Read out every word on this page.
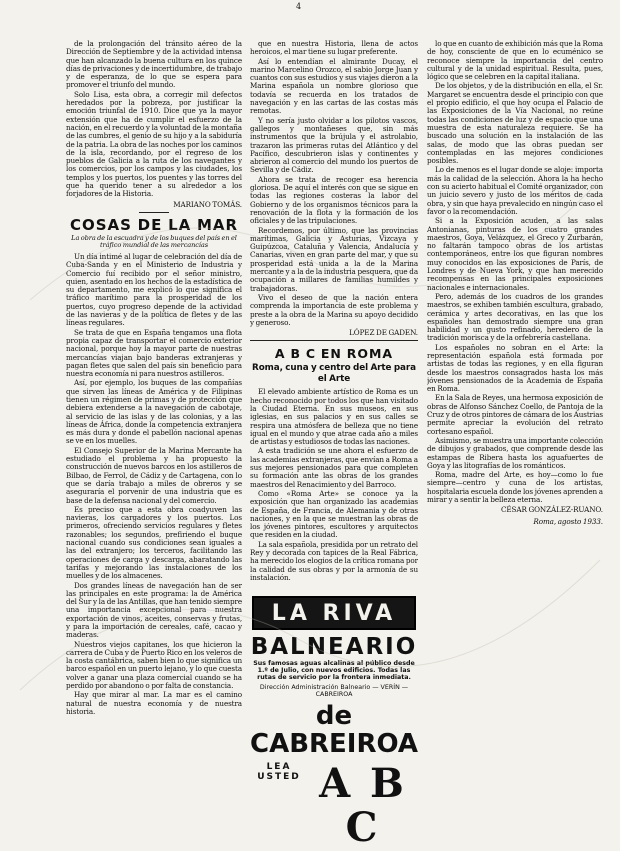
4

de la prolongación del tránsito aéreo de la Dirección de Septiembre y de la actividad intensa que han alcanzado la buena cultura en los quince días de privaciones y de incertidumbre, de trabajo y de esperanza, de lo que se espera para promover el triunfo del mundo.

Solo Lisa, esta obra, a corregir mil defectos heredados por la pobreza, por justificar la emoción triunfal de 1910. Dice que ya la mayor extensión que ha de cumplir el esfuerzo de la nación, en el recuerdo y la voluntad de la montaña de las cumbres, el genio de su hijo y a la sabiduría de la patria. La obra de las noches por los caminos de la isla, recordando, por el regreso de los pueblos de Galicia a la ruta de los navegantes y los comercios, por los campos y las ciudades, los templos y los puertos, los puentes y las torres del que ha querido tener a su alrededor a los forjadores de la Historia.

MARIANO TOMÁS.
COSAS DE LA MAR
La obra de la escuadra y de los buques del país en el tráfico mundial de las mercancías

Un día intimé al lugar de celebración del día de Cuba-Sanda y en el Ministerio de Industria y Comercio fuí recibido por el señor ministro, quien, asentado en los hechos de la estadística de su departamento, me explicó lo que significa el tráfico marítimo para la prosperidad de los puertos, cuyo progreso depende de la actividad de las navieras y de la política de fletes y de las líneas regulares.

Se trata de que en España tengamos una flota propia capaz de transportar el comercio exterior nacional, porque hoy la mayor parte de nuestras mercancías viajan bajo banderas extranjeras y pagan fletes que salen del país sin beneficio para nuestra economía ni para nuestros astilleros.

Así, por ejemplo, los buques de las compañías que sirven las líneas de América y de Filipinas tienen un régimen de primas y de protección que debiera extenderse a la navegación de cabotaje, al servicio de las islas y de las colonias, y a las líneas de África, donde la competencia extranjera es más dura y donde el pabellón nacional apenas se ve en los muelles.

El Consejo Superior de la Marina Mercante ha estudiado el problema y ha propuesto la construcción de nuevos barcos en los astilleros de Bilbao, de Ferrol, de Cádiz y de Cartagena, con lo que se daría trabajo a miles de obreros y se aseguraría el porvenir de una industria que es base de la defensa nacional y del comercio.

Es preciso que a esta obra coadyuven las navieras, los cargadores y los puertos. Los primeros, ofreciendo servicios regulares y fletes razonables; los segundos, prefiriendo el buque nacional cuando sus condiciones sean iguales a las del extranjero; los terceros, facilitando las operaciones de carga y descarga, abaratando las tarifas y mejorando las instalaciones de los muelles y de los almacenes.

Dos grandes líneas de navegación han de ser las principales en este programa: la de América del Sur y la de las Antillas, que han tenido siempre una importancia excepcional para nuestra exportación de vinos, aceites, conservas y frutas, y para la importación de cereales, café, cacao y maderas.

Nuestros viejos capitanes, los que hicieron la carrera de Cuba y de Puerto Rico en los veleros de la costa cantábrica, saben bien lo que significa un barco español en un puerto lejano, y lo que cuesta volver a ganar una plaza comercial cuando se ha perdido por abandono o por falta de constancia.

Hay que mirar al mar. La mar es el camino natural de nuestra economía y de nuestra historia.

que en nuestra Historia, llena de actos heroicos, el mar tiene su lugar preferente.

Así lo entendían el almirante Ducay, el marino Marcelino Orozco, el sabio Jorge Juan y cuantos con sus estudios y sus viajes dieron a la Marina española un nombre glorioso que todavía se recuerda en los tratados de navegación y en las cartas de las costas más remotas.

Y no sería justo olvidar a los pilotos vascos, gallegos y montañeses que, sin más instrumentos que la brújula y el astrolabio, trazaron las primeras rutas del Atlántico y del Pacífico, descubrieron islas y continentes y abrieron al comercio del mundo los puertos de Sevilla y de Cádiz.

Ahora se trata de recoger esa herencia gloriosa. De aquí el interés con que se sigue en todas las regiones costeras la labor del Gobierno y de los organismos técnicos para la renovación de la flota y la formación de los oficiales y de las tripulaciones.

Recordemos, por último, que las provincias marítimas, Galicia y Asturias, Vizcaya y Guipúzcoa, Cataluña y Valencia, Andalucía y Canarias, viven en gran parte del mar, y que su prosperidad está unida a la de la Marina mercante y a la de la industria pesquera, que da ocupación a millares de familias humildes y trabajadoras.

Vivo el deseo de que la nación entera comprenda la importancia de este problema y preste a la obra de la Marina su apoyo decidido y generoso.

LÓPEZ DE GADEN.
A B C EN ROMA
Roma, cuna y centro del Arte para el Arte

El elevado ambiente artístico de Roma es un hecho reconocido por todos los que han visitado la Ciudad Eterna. En sus museos, en sus iglesias, en sus palacios y en sus calles se respira una atmósfera de belleza que no tiene igual en el mundo y que atrae cada año a miles de artistas y estudiosos de todas las naciones.

A esta tradición se une ahora el esfuerzo de las academias extranjeras, que envían a Roma a sus mejores pensionados para que completen su formación ante las obras de los grandes maestros del Renacimiento y del Barroco.

Como «Roma Arte» se conoce ya la exposición que han organizado las academias de España, de Francia, de Alemania y de otras naciones, y en la que se muestran las obras de los jóvenes pintores, escultores y arquitectos que residen en la ciudad.

La sala española, presidida por un retrato del Rey y decorada con tapices de la Real Fábrica, ha merecido los elogios de la crítica romana por la calidad de sus obras y por la armonía de su instalación.

LA RIVA
BALNEARIO
Sus famosas aguas alcalinas al público desde 1.º de Julio, con nuevos edificios. Todas las rutas de servicio por la frontera inmediata.
Dirección Administración Balneario — VERÍN — CABREIROA
de CABREIROA
LEA USTED A B C

lo que en cuanto de exhibición más que la Roma de hoy, consciente de que en lo ecuménico se reconoce siempre la importancia del centro cultural y de la unidad espiritual. Resulta, pues, lógico que se celebren en la capital italiana.

De los objetos, y de la distribución en ella, el Sr. Margaret se encuentra desde el principio con que el propio edificio, el que hoy ocupa el Palacio de las Exposiciones de la Vía Nacional, no reúne todas las condiciones de luz y de espacio que una muestra de esta naturaleza requiere. Se ha buscado una solución en la instalación de las salas, de modo que las obras puedan ser contempladas en las mejores condiciones posibles.

Lo de menos es el lugar donde se aloje: importa más la calidad de la selección. Ahora la ha hecho con su acierto habitual el Comité organizador, con un juicio severo y justo de los méritos de cada obra, y sin que haya prevalecido en ningún caso el favor o la recomendación.

Si a la Exposición acuden, a las salas Antonianas, pinturas de los cuatro grandes maestros, Goya, Velázquez, el Greco y Zurbarán, no faltarán tampoco obras de los artistas contemporáneos, entre los que figuran nombres muy conocidos en las exposiciones de París, de Londres y de Nueva York, y que han merecido recompensas en las principales exposiciones nacionales e internacionales.

Pero, además de los cuadros de los grandes maestros, se exhiben también escultura, grabado, cerámica y artes decorativas, en las que los españoles han demostrado siempre una gran habilidad y un gusto refinado, heredero de la tradición morisca y de la orfebrería castellana.

Los españoles no sobran en el Arte: la representación española está formada por artistas de todas las regiones, y en ella figuran desde los maestros consagrados hasta los más jóvenes pensionados de la Academia de España en Roma.

En la Sala de Reyes, una hermosa exposición de obras de Alfonso Sánchez Coello, de Pantoja de la Cruz y de otros pintores de cámara de los Austrias permite apreciar la evolución del retrato cortesano español.

Asimismo, se muestra una importante colección de dibujos y grabados, que comprende desde las estampas de Ribera hasta los aguafuertes de Goya y las litografías de los románticos.

Roma, madre del Arte, es hoy—como lo fue siempre—centro y cuna de los artistas, hospitalaria escuela donde los jóvenes aprenden a mirar y a sentir la belleza eterna.

CÉSAR GONZÁLEZ-RUANO.
Roma, agosto 1933.
